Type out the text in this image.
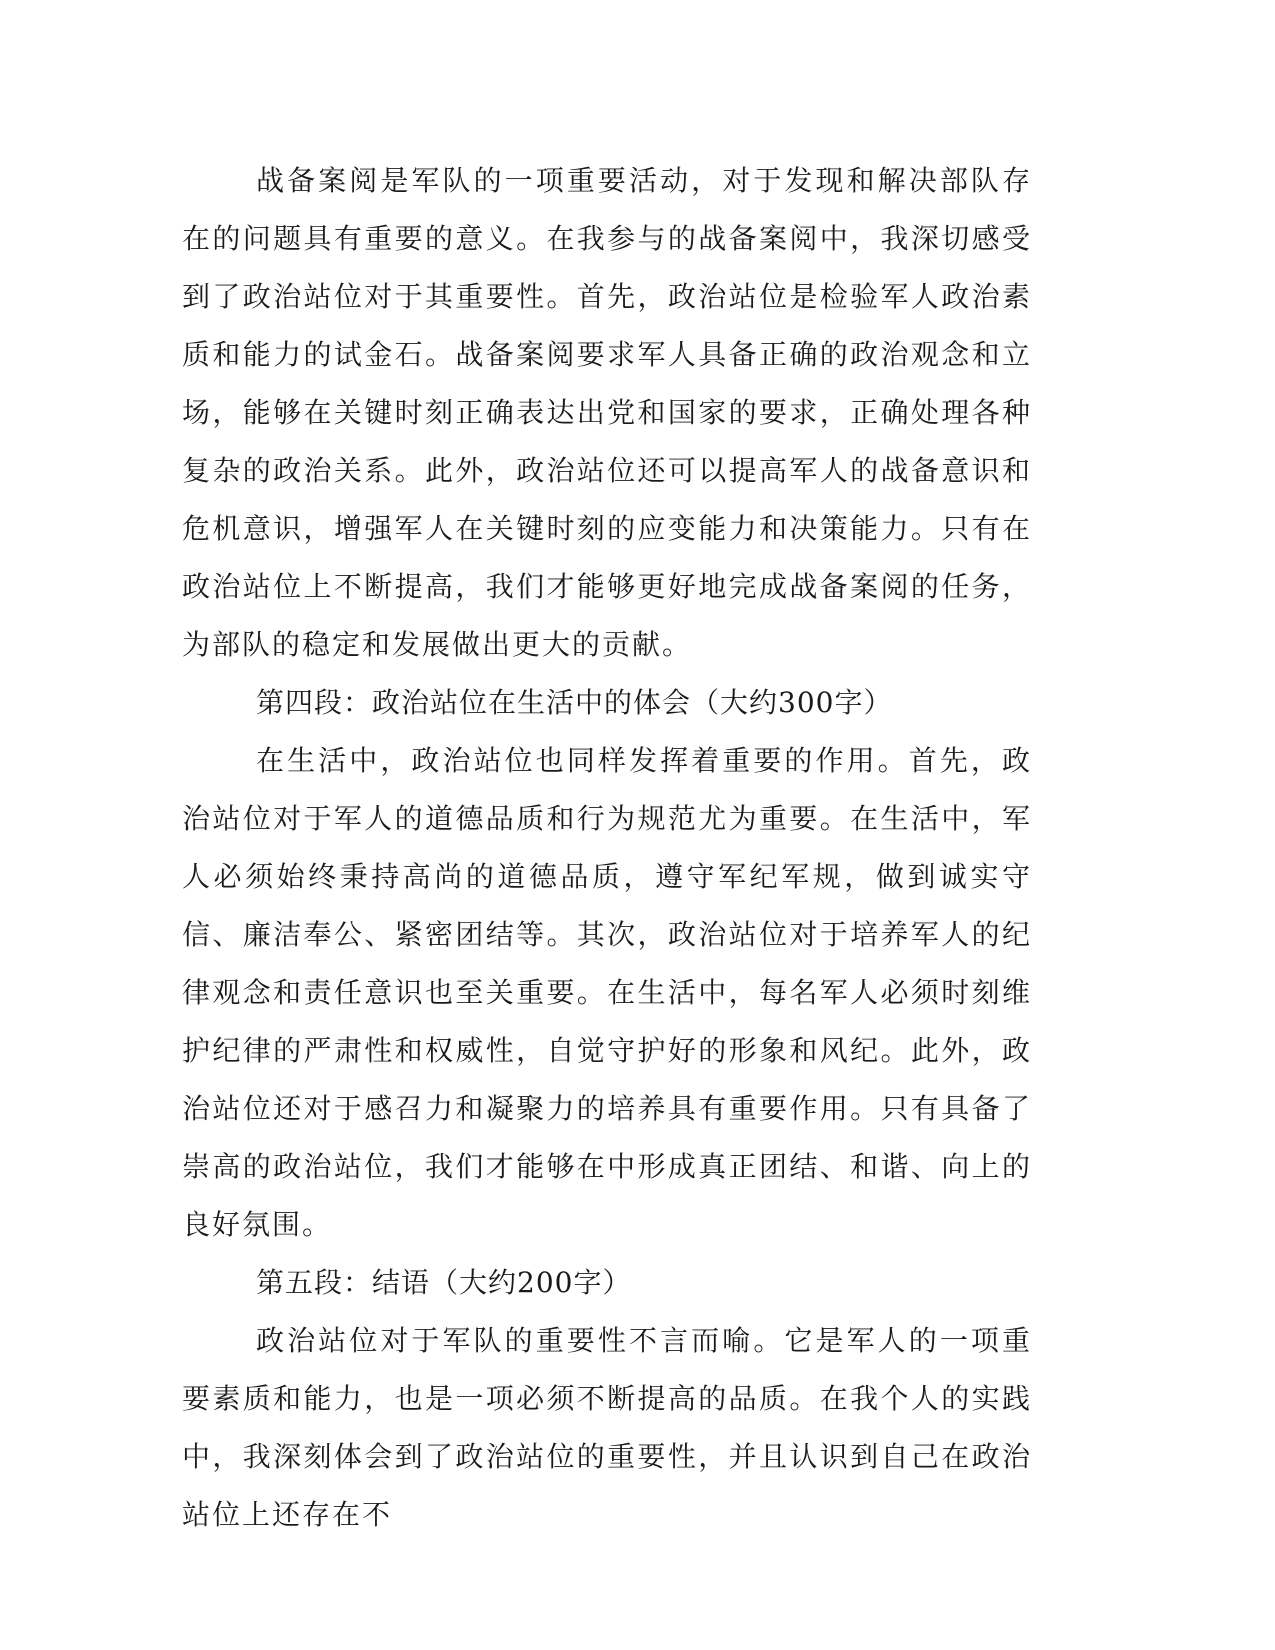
战备案阅是军队的一项重要活动，对于发现和解决部队存在的问题具有重要的意义。在我参与的战备案阅中，我深切感受到了政治站位对于其重要性。首先，政治站位是检验军人政治素质和能力的试金石。战备案阅要求军人具备正确的政治观念和立场，能够在关键时刻正确表达出党和国家的要求，正确处理各种复杂的政治关系。此外，政治站位还可以提高军人的战备意识和危机意识，增强军人在关键时刻的应变能力和决策能力。只有在政治站位上不断提高，我们才能够更好地完成战备案阅的任务，为部队的稳定和发展做出更大的贡献。

第四段：政治站位在生活中的体会（大约300字）

在生活中，政治站位也同样发挥着重要的作用。首先，政治站位对于军人的道德品质和行为规范尤为重要。在生活中，军人必须始终秉持高尚的道德品质，遵守军纪军规，做到诚实守信、廉洁奉公、紧密团结等。其次，政治站位对于培养军人的纪律观念和责任意识也至关重要。在生活中，每名军人必须时刻维护纪律的严肃性和权威性，自觉守护好的形象和风纪。此外，政治站位还对于感召力和凝聚力的培养具有重要作用。只有具备了崇高的政治站位，我们才能够在中形成真正团结、和谐、向上的良好氛围。

第五段：结语（大约200字）

政治站位对于军队的重要性不言而喻。它是军人的一项重要素质和能力，也是一项必须不断提高的品质。在我个人的实践中，我深刻体会到了政治站位的重要性，并且认识到自己在政治站位上还存在不
